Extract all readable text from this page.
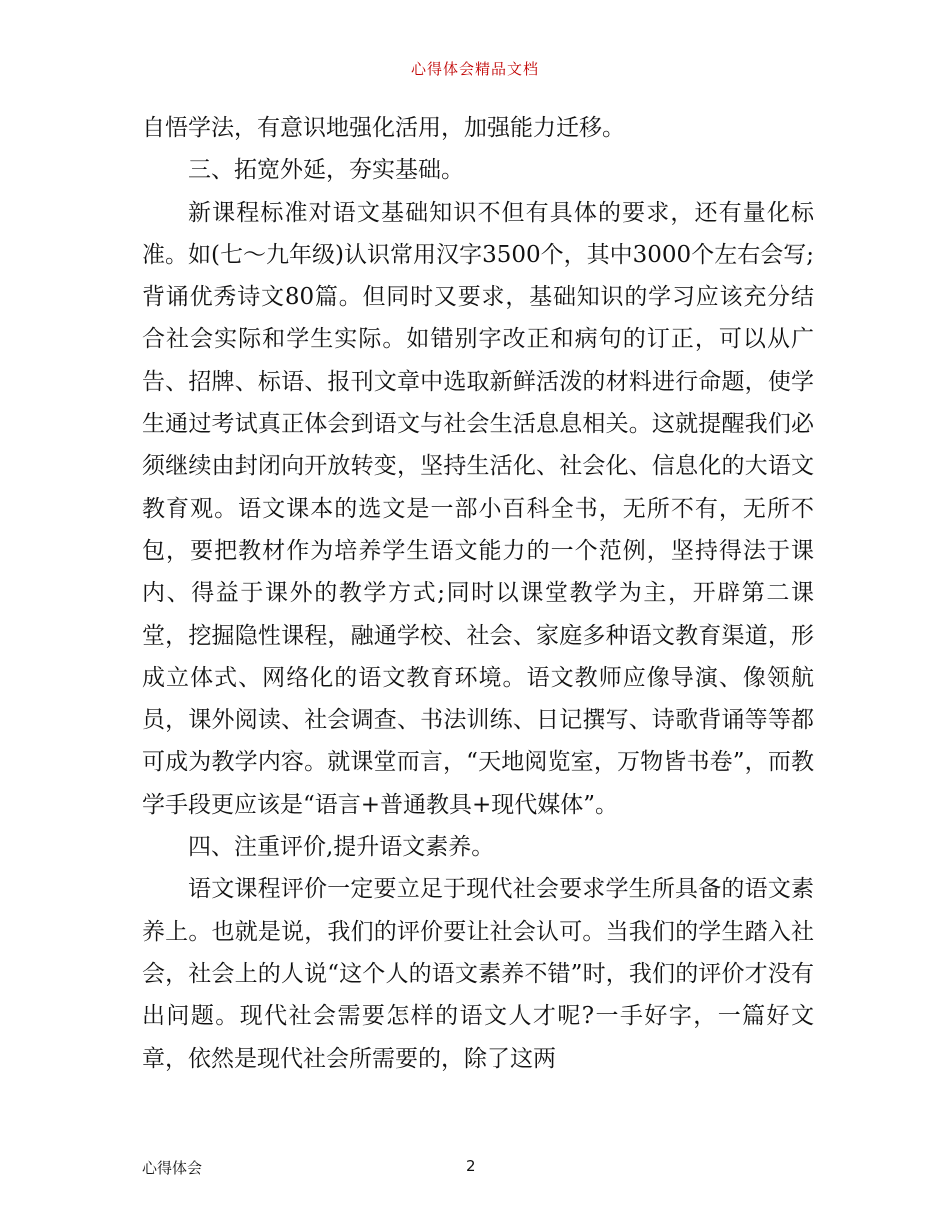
心得体会精品文档

自悟学法，有意识地强化活用，加强能力迁移。

三、拓宽外延，夯实基础。

新课程标准对语文基础知识不但有具体的要求，还有量化标准。如(七～九年级)认识常用汉字3500个，其中3000个左右会写;背诵优秀诗文80篇。但同时又要求，基础知识的学习应该充分结合社会实际和学生实际。如错别字改正和病句的订正，可以从广告、招牌、标语、报刊文章中选取新鲜活泼的材料进行命题，使学生通过考试真正体会到语文与社会生活息息相关。这就提醒我们必须继续由封闭向开放转变，坚持生活化、社会化、信息化的大语文教育观。语文课本的选文是一部小百科全书，无所不有，无所不包，要把教材作为培养学生语文能力的一个范例，坚持得法于课内、得益于课外的教学方式;同时以课堂教学为主，开辟第二课堂，挖掘隐性课程，融通学校、社会、家庭多种语文教育渠道，形成立体式、网络化的语文教育环境。语文教师应像导演、像领航员，课外阅读、社会调查、书法训练、日记撰写、诗歌背诵等等都可成为教学内容。就课堂而言，“天地阅览室，万物皆书卷”，而教学手段更应该是“语言+普通教具+现代媒体”。

四、注重评价,提升语文素养。

语文课程评价一定要立足于现代社会要求学生所具备的语文素养上。也就是说，我们的评价要让社会认可。当我们的学生踏入社会，社会上的人说“这个人的语文素养不错”时，我们的评价才没有出问题。现代社会需要怎样的语文人才呢?一手好字，一篇好文章，依然是现代社会所需要的，除了这两

心得体会	2
